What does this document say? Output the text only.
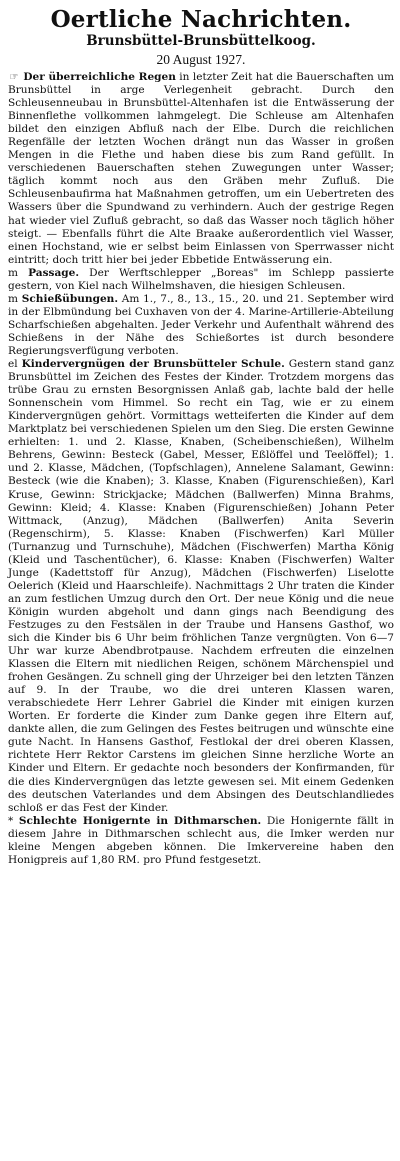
Oertliche Nachrichten.
Brunsbüttel-Brunsbüttelkoog.
20 August 1927.

☞ Der überreichliche Regen in letzter Zeit hat die Bauerschaften um Brunsbüttel in arge Verlegenheit gebracht. Durch den Schleusenneubau in Brunsbüttel-Altenhafen ist die Entwässerung der Binnenflethe vollkommen lahmgelegt. Die Schleuse am Altenhafen bildet den einzigen Abfluß nach der Elbe. Durch die reichlichen Regenfälle der letzten Wochen drängt nun das Wasser in großen Mengen in die Flethe und haben diese bis zum Rand gefüllt. In verschiedenen Bauerschaften stehen Zuwegungen unter Wasser; täglich kommt noch aus den Gräben mehr Zufluß. Die Schleusenbaufirma hat Maßnahmen getroffen, um ein Uebertreten des Wassers über die Spundwand zu verhindern. Auch der gestrige Regen hat wieder viel Zufluß gebracht, so daß das Wasser noch täglich höher steigt. — Ebenfalls führt die Alte Braake außerordentlich viel Wasser, einen Hochstand, wie er selbst beim Einlassen von Sperrwasser nicht eintritt; doch tritt hier bei jeder Ebbetide Entwässerung ein.

m Passage. Der Werftschlepper „Boreas" im Schlepp passierte gestern, von Kiel nach Wilhelmshaven, die hiesigen Schleusen.

m Schießübungen. Am 1., 7., 8., 13., 15., 20. und 21. September wird in der Elbmündung bei Cuxhaven von der 4. Marine-Artillerie-Abteilung Scharfschießen abgehalten. Jeder Verkehr und Aufenthalt während des Schießens in der Nähe des Schießortes ist durch besondere Regierungsverfügung verboten.

el Kindervergnügen der Brunsbütteler Schule. Gestern stand ganz Brunsbüttel im Zeichen des Festes der Kinder. Trotzdem morgens das trübe Grau zu ernsten Besorgnissen Anlaß gab, lachte bald der helle Sonnenschein vom Himmel. So recht ein Tag, wie er zu einem Kindervergnügen gehört. Vormittags wetteiferten die Kinder auf dem Marktplatz bei verschiedenen Spielen um den Sieg. Die ersten Gewinne erhielten: 1. und 2. Klasse, Knaben, (Scheibenschießen), Wilhelm Behrens, Gewinn: Besteck (Gabel, Messer, Eßlöffel und Teelöffel); 1. und 2. Klasse, Mädchen, (Topfschlagen), Annelene Salamant, Gewinn: Besteck (wie die Knaben); 3. Klasse, Knaben (Figurenschießen), Karl Kruse, Gewinn: Strickjacke; Mädchen (Ballwerfen) Minna Brahms, Gewinn: Kleid; 4. Klasse: Knaben (Figurenschießen) Johann Peter Wittmack, (Anzug), Mädchen (Ballwerfen) Anita Severin (Regenschirm), 5. Klasse: Knaben (Fischwerfen) Karl Müller (Turnanzug und Turnschuhe), Mädchen (Fischwerfen) Martha König (Kleid und Taschentücher), 6. Klasse: Knaben (Fischwerfen) Walter Junge (Kadettstoff für Anzug), Mädchen (Fischwerfen) Liselotte Oelerich (Kleid und Haarschleife). Nachmittags 2 Uhr traten die Kinder an zum festlichen Umzug durch den Ort. Der neue König und die neue Königin wurden abgeholt und dann gings nach Beendigung des Festzuges zu den Festsälen in der Traube und Hansens Gasthof, wo sich die Kinder bis 6 Uhr beim fröhlichen Tanze vergnügten. Von 6—7 Uhr war kurze Abendbrotpause. Nachdem erfreuten die einzelnen Klassen die Eltern mit niedlichen Reigen, schönem Märchenspiel und frohen Gesängen. Zu schnell ging der Uhrzeiger bei den letzten Tänzen auf 9. In der Traube, wo die drei unteren Klassen waren, verabschiedete Herr Lehrer Gabriel die Kinder mit einigen kurzen Worten. Er forderte die Kinder zum Danke gegen ihre Eltern auf, dankte allen, die zum Gelingen des Festes beitrugen und wünschte eine gute Nacht. In Hansens Gasthof, Festlokal der drei oberen Klassen, richtete Herr Rektor Carstens im gleichen Sinne herzliche Worte an Kinder und Eltern. Er gedachte noch besonders der Konfirmanden, für die dies Kindervergnügen das letzte gewesen sei. Mit einem Gedenken des deutschen Vaterlandes und dem Absingen des Deutschlandliedes schloß er das Fest der Kinder.

* Schlechte Honigernte in Dithmarschen. Die Honigernte fällt in diesem Jahre in Dithmarschen schlecht aus, die Imker werden nur kleine Mengen abgeben können. Die Imkervereine haben den Honigpreis auf 1,80 RM. pro Pfund festgesetzt.
